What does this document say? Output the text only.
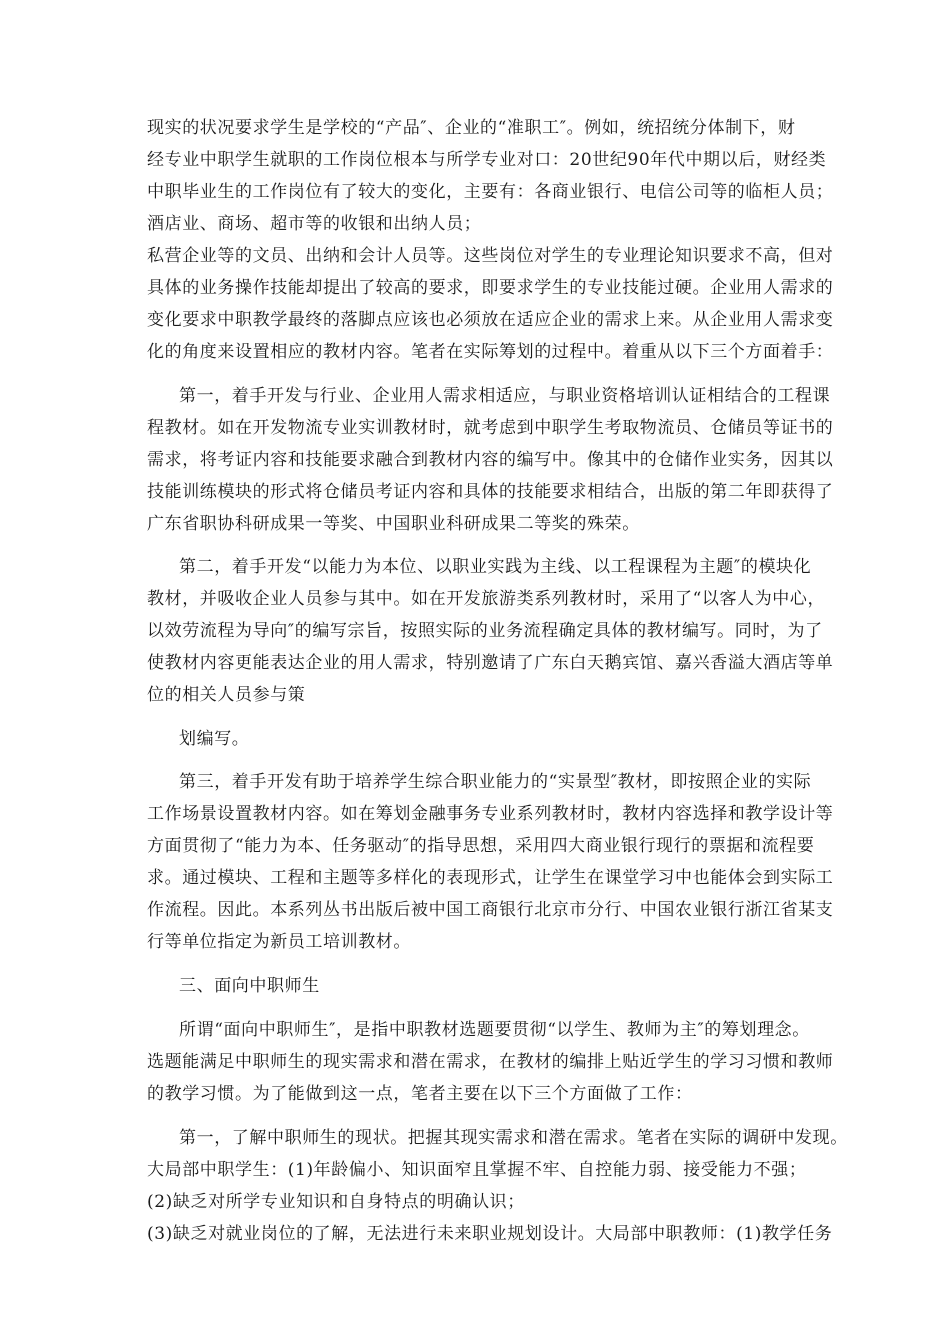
现实的状况要求学生是学校的“产品″、企业的“准职工″。例如，统招统分体制下，财
经专业中职学生就职的工作岗位根本与所学专业对口：20世纪90年代中期以后，财经类
中职毕业生的工作岗位有了较大的变化，主要有：各商业银行、电信公司等的临柜人员；
酒店业、商场、超市等的收银和出纳人员；
私营企业等的文员、出纳和会计人员等。这些岗位对学生的专业理论知识要求不高，但对
具体的业务操作技能却提出了较高的要求，即要求学生的专业技能过硬。企业用人需求的
变化要求中职教学最终的落脚点应该也必须放在适应企业的需求上来。从企业用人需求变
化的角度来设置相应的教材内容。笔者在实际筹划的过程中。着重从以下三个方面着手：
第一，着手开发与行业、企业用人需求相适应，与职业资格培训认证相结合的工程课
程教材。如在开发物流专业实训教材时，就考虑到中职学生考取物流员、仓储员等证书的
需求，将考证内容和技能要求融合到教材内容的编写中。像其中的仓储作业实务，因其以
技能训练模块的形式将仓储员考证内容和具体的技能要求相结合，出版的第二年即获得了
广东省职协科研成果一等奖、中国职业科研成果二等奖的殊荣。
第二，着手开发“以能力为本位、以职业实践为主线、以工程课程为主题″的模块化
教材，并吸收企业人员参与其中。如在开发旅游类系列教材时，采用了“以客人为中心，
以效劳流程为导向″的编写宗旨，按照实际的业务流程确定具体的教材编写。同时，为了
使教材内容更能表达企业的用人需求，特别邀请了广东白天鹅宾馆、嘉兴香溢大酒店等单
位的相关人员参与策
划编写。
第三，着手开发有助于培养学生综合职业能力的“实景型″教材，即按照企业的实际
工作场景设置教材内容。如在筹划金融事务专业系列教材时，教材内容选择和教学设计等
方面贯彻了“能力为本、任务驱动″的指导思想，采用四大商业银行现行的票据和流程要
求。通过模块、工程和主题等多样化的表现形式，让学生在课堂学习中也能体会到实际工
作流程。因此。本系列丛书出版后被中国工商银行北京市分行、中国农业银行浙江省某支
行等单位指定为新员工培训教材。
三、面向中职师生
所谓“面向中职师生″，是指中职教材选题要贯彻“以学生、教师为主″的筹划理念。
选题能满足中职师生的现实需求和潜在需求，在教材的编排上贴近学生的学习习惯和教师
的教学习惯。为了能做到这一点，笔者主要在以下三个方面做了工作：
第一，了解中职师生的现状。把握其现实需求和潜在需求。笔者在实际的调研中发现。
大局部中职学生：(1)年龄偏小、知识面窄且掌握不牢、自控能力弱、接受能力不强；
(2)缺乏对所学专业知识和自身特点的明确认识；
(3)缺乏对就业岗位的了解，无法进行未来职业规划设计。大局部中职教师：(1)教学任务
